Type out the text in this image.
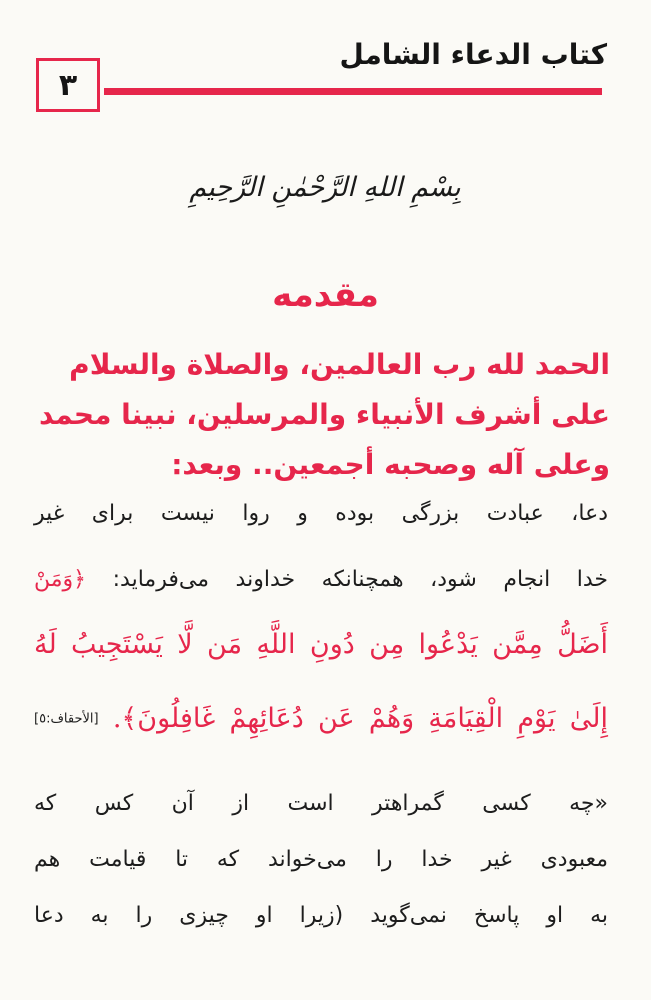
كتاب الدعاء الشامل
٣
بِسْمِ اللهِ الرَّحْمٰنِ الرَّحِيمِ
مقدمه
الحمد لله رب العالمين، والصلاة والسلام
على أشرف الأنبياء والمرسلين، نبينا محمد
وعلى آله وصحبه أجمعين.. وبعد:
دعا، عبادت بزرگی بوده و روا نیست برای غیر
خدا انجام شود، همچنانکه خداوند می‌فرماید: ﴿وَمَنْ
أَضَلُّ مِمَّن يَدْعُوا مِن دُونِ اللَّهِ مَن لَّا يَسْتَجِيبُ لَهُ
إِلَىٰ يَوْمِ الْقِيَامَةِ وَهُمْ عَن دُعَائِهِمْ غَافِلُونَ﴾. [الأحقاف:٥]
«چه کسی گمراهتر است از آن کس که
معبودی غیر خدا را می‌خواند که تا قیامت هم
به او پاسخ نمی‌گوید (زیرا او چیزی را به دعا
